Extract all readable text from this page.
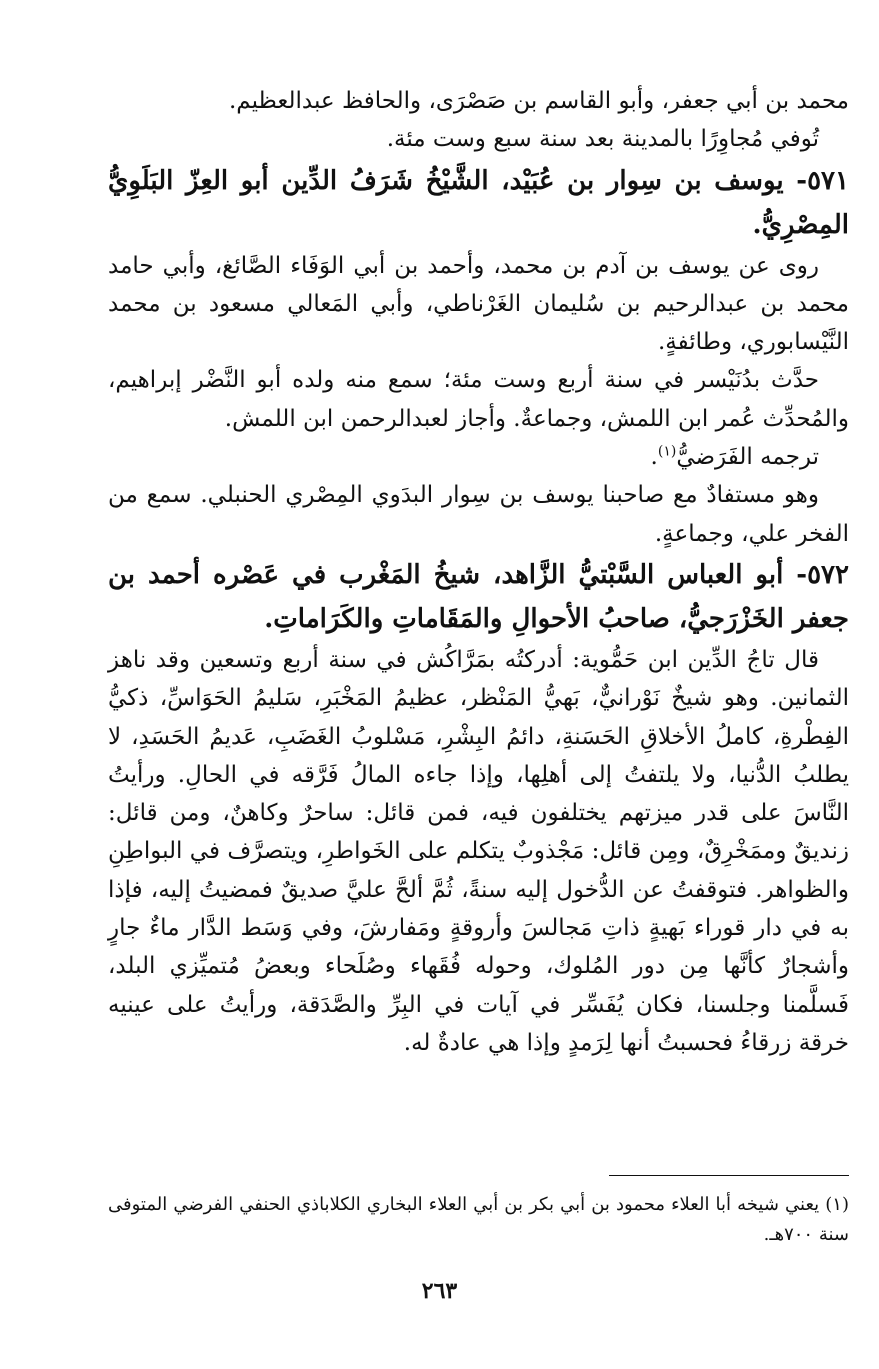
محمد بن أبي جعفر، وأبو القاسم بن صَصْرَى، والحافظ عبدالعظيم.

تُوفي مُجاوِرًا بالمدينة بعد سنة سبع وست مئة.

٥٧١- يوسف بن سِوار بن عُبَيْد، الشَّيْخُ شَرَفُ الدِّين أبو العِزّ البَلَوِيُّ المِصْرِيُّ.

روى عن يوسف بن آدم بن محمد، وأحمد بن أبي الوَفَاء الصَّائغ، وأبي حامد محمد بن عبدالرحيم بن سُليمان الغَرْناطي، وأبي المَعالي مسعود بن محمد النَّيْسابوري، وطائفةٍ.

حدَّث بدُنَيْسر في سنة أربع وست مئة؛ سمع منه ولده أبو النَّضْر إبراهيم، والمُحدِّث عُمر ابن اللمش، وجماعةٌ. وأجاز لعبدالرحمن ابن اللمش.

ترجمه الفَرَضيُّ$^{(١)}$.

وهو مستفادٌ مع صاحبنا يوسف بن سِوار البدَوي المِصْري الحنبلي. سمع من الفخر علي، وجماعةٍ.

٥٧٢- أبو العباس السَّبْتيُّ الزَّاهد، شيخُ المَغْرب في عَصْره أحمد بن جعفر الخَزْرَجيُّ، صاحبُ الأحوالِ والمَقَاماتِ والكَرَاماتِ.

قال تاجُ الدِّين ابن حَمُّوية: أدركتُه بمَرَّاكُش في سنة أربع وتسعين وقد ناهز الثمانين. وهو شيخٌ نَوْرانيٌّ، بَهيُّ المَنْظر، عظيمُ المَخْبَرِ، سَليمُ الحَوَاسِّ، ذكيُّ الفِطْرةِ، كاملُ الأخلاقِ الحَسَنةِ، دائمُ البِشْرِ، مَسْلوبُ الغَضَبِ، عَديمُ الحَسَدِ، لا يطلبُ الدُّنيا، ولا يلتفتُ إلى أهلِها، وإذا جاءه المالُ فَرَّقه في الحالِ. ورأيتُ النَّاسَ على قدر ميزتهم يختلفون فيه، فمن قائل: ساحرٌ وكاهنٌ، ومن قائل: زنديقٌ وممَخْرِقٌ، ومِن قائل: مَجْذوبٌ يتكلم على الخَواطرِ، ويتصرَّف في البواطِنِ والظواهر. فتوقفتُ عن الدُّخول إليه سنةً، ثُمَّ ألحَّ عليَّ صديقٌ فمضيتُ إليه، فإذا به في دار قوراء بَهيةٍ ذاتِ مَجالسَ وأروقةٍ ومَفارشَ، وفي وَسَط الدَّار ماءٌ جارٍ وأشجارٌ كأنَّها مِن دور المُلوك، وحوله فُقَهاء وصُلَحاء وبعضُ مُتميِّزي البلد، فَسلَّمنا وجلسنا، فكان يُفَسِّر في آيات في البِرِّ والصَّدَقة، ورأيتُ على عينيه خرقة زرقاءُ فحسبتُ أنها لِرَمدٍ وإذا هي عادةٌ له.

(١) يعني شيخه أبا العلاء محمود بن أبي بكر بن أبي العلاء البخاري الكلاباذي الحنفي الفرضي المتوفى سنة ٧٠٠هـ.
٢٦٣
